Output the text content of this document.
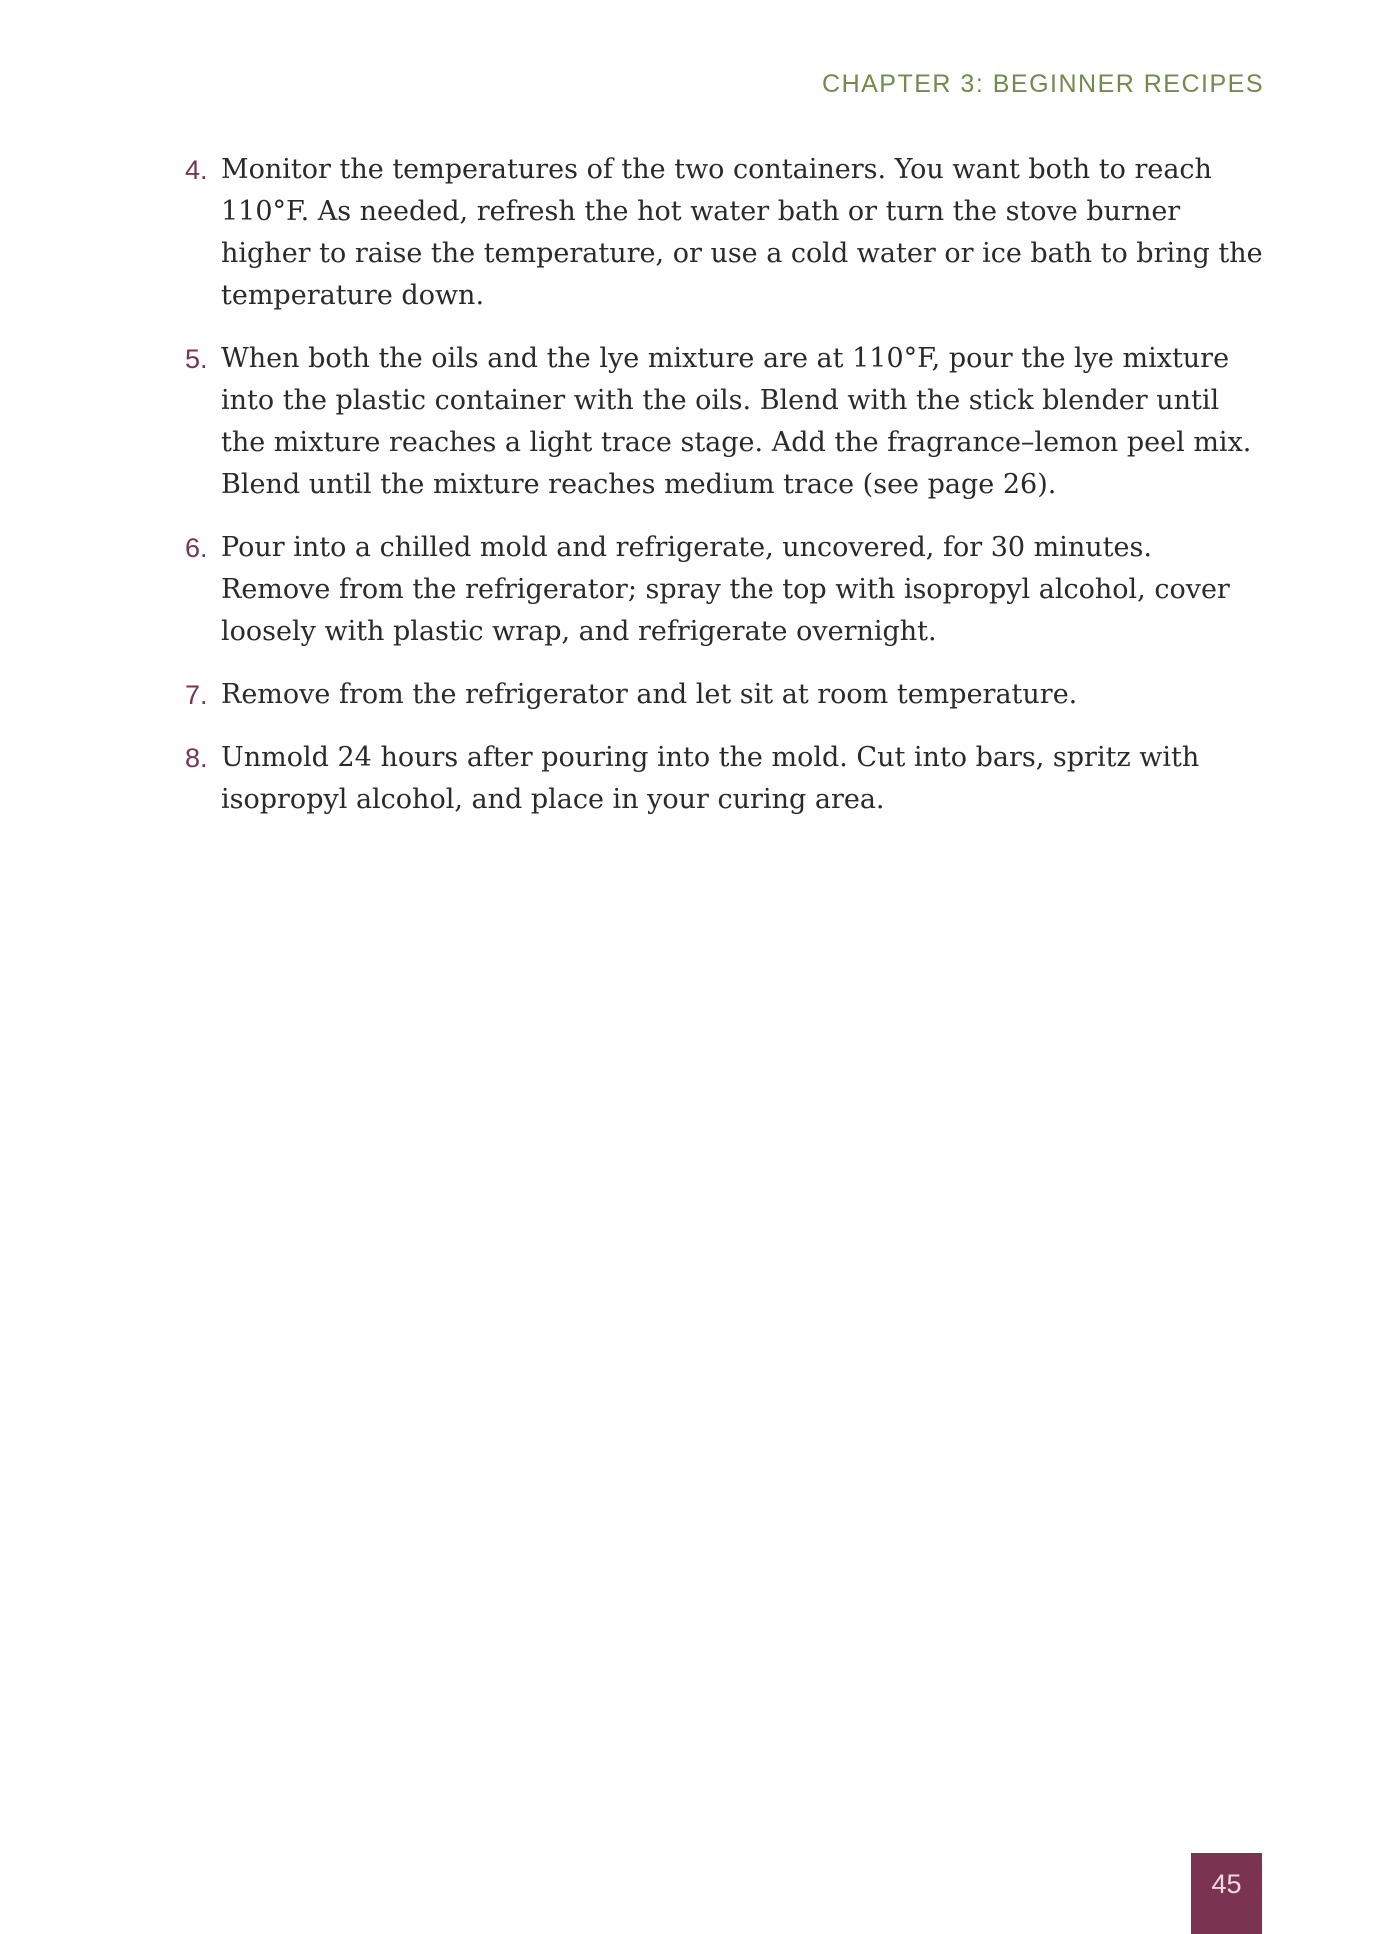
CHAPTER 3: BEGINNER RECIPES
4. Monitor the temperatures of the two containers. You want both to reach 110°F. As needed, refresh the hot water bath or turn the stove burner higher to raise the temperature, or use a cold water or ice bath to bring the temperature down.
5. When both the oils and the lye mixture are at 110°F, pour the lye mixture into the plastic container with the oils. Blend with the stick blender until the mixture reaches a light trace stage. Add the fragrance–lemon peel mix. Blend until the mixture reaches medium trace (see page 26).
6. Pour into a chilled mold and refrigerate, uncovered, for 30 minutes. Remove from the refrigerator; spray the top with isopropyl alcohol, cover loosely with plastic wrap, and refrigerate overnight.
7. Remove from the refrigerator and let sit at room temperature.
8. Unmold 24 hours after pouring into the mold. Cut into bars, spritz with isopropyl alcohol, and place in your curing area.
45
